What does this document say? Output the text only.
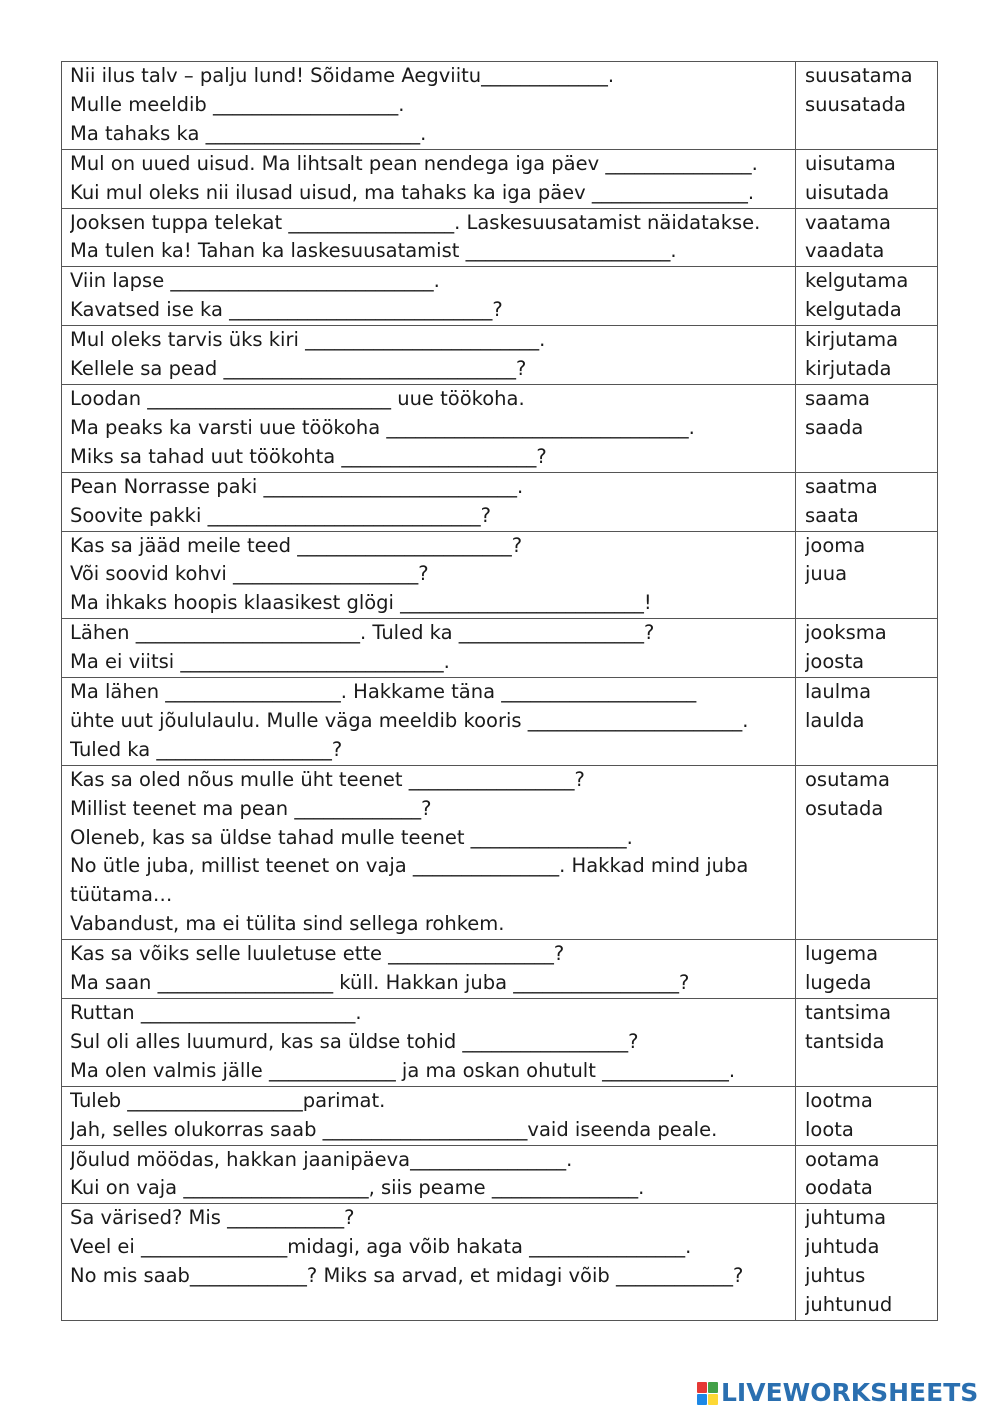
Nii ilus talv – palju lund! Sõidame Aegviitu_____________.
Mulle meeldib ___________________.
Ma tahaks ka ______________________.	suusatama
suusatada

Mul on uued uisud. Ma lihtsalt pean nendega iga päev _______________.
Kui mul oleks nii ilusad uisud, ma tahaks ka iga päev ________________.	uisutama
uisutada

Jooksen tuppa telekat _________________. Laskesuusatamist näidatakse.
Ma tulen ka! Tahan ka laskesuusatamist _____________________.	vaatama
vaadata

Viin lapse ___________________________.
Kavatsed ise ka ___________________________?	kelgutama
kelgutada

Mul oleks tarvis üks kiri ________________________.
Kellele sa pead ______________________________?	kirjutama
kirjutada

Loodan _________________________ uue töökoha.
Ma peaks ka varsti uue töökoha _______________________________.
Miks sa tahad uut töökohta ____________________?	saama
saada

Pean Norrasse paki __________________________.
Soovite pakki ____________________________?	saatma
saata

Kas sa jääd meile teed ______________________?
Või soovid kohvi ___________________?
Ma ihkaks hoopis klaasikest glögi _________________________!	jooma
juua

Lähen _______________________. Tuled ka ___________________?
Ma ei viitsi ___________________________.	jooksma
joosta

Ma lähen __________________. Hakkame täna ____________________
ühte uut jõululaulu. Mulle väga meeldib kooris ______________________.
Tuled ka __________________?	laulma
laulda

Kas sa oled nõus mulle üht teenet _________________?
Millist teenet ma pean _____________?
Oleneb, kas sa üldse tahad mulle teenet ________________.
No ütle juba, millist teenet on vaja _______________. Hakkad mind juba tüütama…
Vabandust, ma ei tülita sind sellega rohkem.	osutama
osutada

Kas sa võiks selle luuletuse ette _________________?
Ma saan __________________ küll. Hakkan juba _________________?	lugema
lugeda

Ruttan ______________________.
Sul oli alles luumurd, kas sa üldse tohid _________________?
Ma olen valmis jälle _____________ ja ma oskan ohutult _____________.	tantsima
tantsida

Tuleb __________________parimat.
Jah, selles olukorras saab _____________________vaid iseenda peale.	lootma
loota

Jõulud möödas, hakkan jaanipäeva________________.
Kui on vaja ___________________, siis peame _______________.	ootama
oodata

Sa värised? Mis ____________?
Veel ei _______________midagi, aga võib hakata ________________.
No mis saab____________? Miks sa arvad, et midagi võib ____________?	juhtuma
juhtuda
juhtus
juhtunud
LIVEWORKSHEETS
